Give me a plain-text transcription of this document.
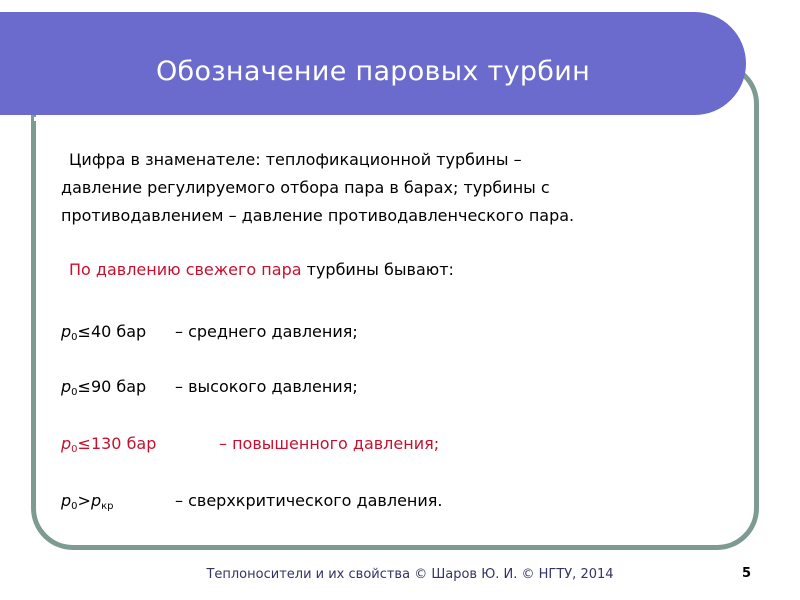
Обозначение паровых турбин
Цифра в знаменателе: теплофикационной турбины –
давление регулируемого отбора пара в барах; турбины с
противодавлением – давление противодавленческого пара.
По давлению свежего пара турбины бывают:
$p_0\le 40$ бар – среднего давления;
$p_0\le 90$ бар – высокого давления;
$p_0\le 130$ бар	– повышенного давления;
$p_0>p_{кр}$	– сверхкритического давления.
Теплоносители и их свойства © Шаров Ю. И. © НГТУ, 2014	5
